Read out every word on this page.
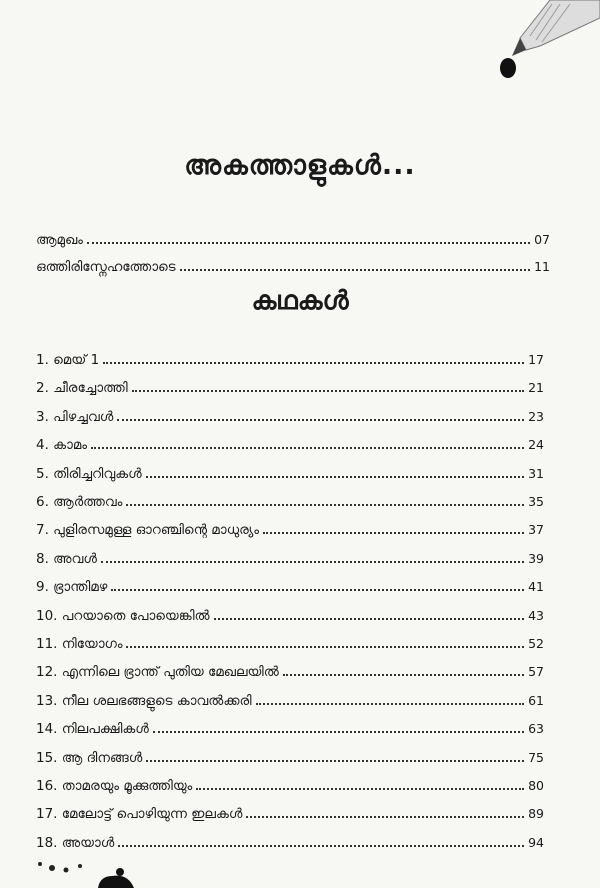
അകത്താളുകൾ...
ആമുഖം	07
ഒത്തിരിസ്നേഹത്തോടെ	11
കഥകൾ
1. മെയ് 1	17
2. ചീരച്ചോത്തി	21
3. പിഴച്ചവൾ	23
4. കാമം	24
5. തിരിച്ചറിവുകൾ	31
6. ആർത്തവം	35
7. പുളിരസമുള്ള ഓറഞ്ചിന്റെ മാധുര്യം	37
8. അവൾ	39
9. ഭ്രാന്തിമഴ	41
10. പറയാതെ പോയെങ്കിൽ	43
11. നിയോഗം	52
12. എന്നിലെ ഭ്രാന്ത് പുതിയ മേഖലയിൽ	57
13. നീല ശലഭങ്ങളുടെ കാവൽക്കരി	61
14. നിലപക്ഷികൾ	63
15. ആ ദിനങ്ങൾ	75
16. താമരയും മൂക്കുത്തിയും	80
17. മേലോട്ട് പൊഴിയുന്ന ഇലകൾ	89
18. അയാൾ	94
